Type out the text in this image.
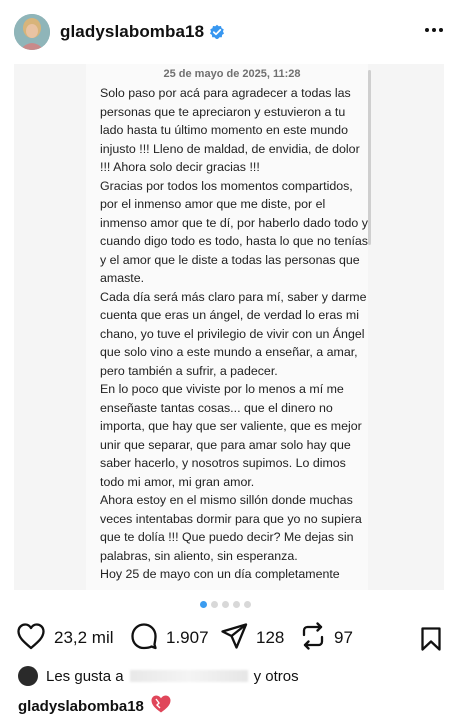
gladyslabomba18
25 de mayo de 2025, 11:28
Solo paso por acá para agradecer a todas las personas que te apreciaron y estuvieron a tu lado hasta tu último momento en este mundo injusto !!! Lleno de maldad, de envidia, de dolor !!! Ahora solo decir gracias !!!
Gracias por todos los momentos compartidos, por el inmenso amor que me diste, por el inmenso amor que te dí, por haberlo dado todo y cuando digo todo es todo, hasta lo que no tenías y el amor que le diste a todas las personas que amaste.
Cada día será más claro para mí, saber y darme cuenta que eras un ángel, de verdad lo eras mi chano, yo tuve el privilegio de vivir con un Ángel que solo vino a este mundo a enseñar, a amar, pero también a sufrir, a padecer.
En lo poco que viviste por lo menos a mí me enseñaste tantas cosas... que el dinero no importa, que hay que ser valiente, que es mejor unir que separar, que para amar solo hay que saber hacerlo, y nosotros supimos. Lo dimos todo mi amor, mi gran amor.
Ahora estoy en el mismo sillón donde muchas veces intentabas dormir para que yo no supiera que te dolía !!! Que puedo decir? Me dejas sin palabras, sin aliento, sin esperanza.
Hoy 25 de mayo con un día completamente
23,2 mil	1.907	128	97
Les gusta a	y otros
gladyslabomba18
